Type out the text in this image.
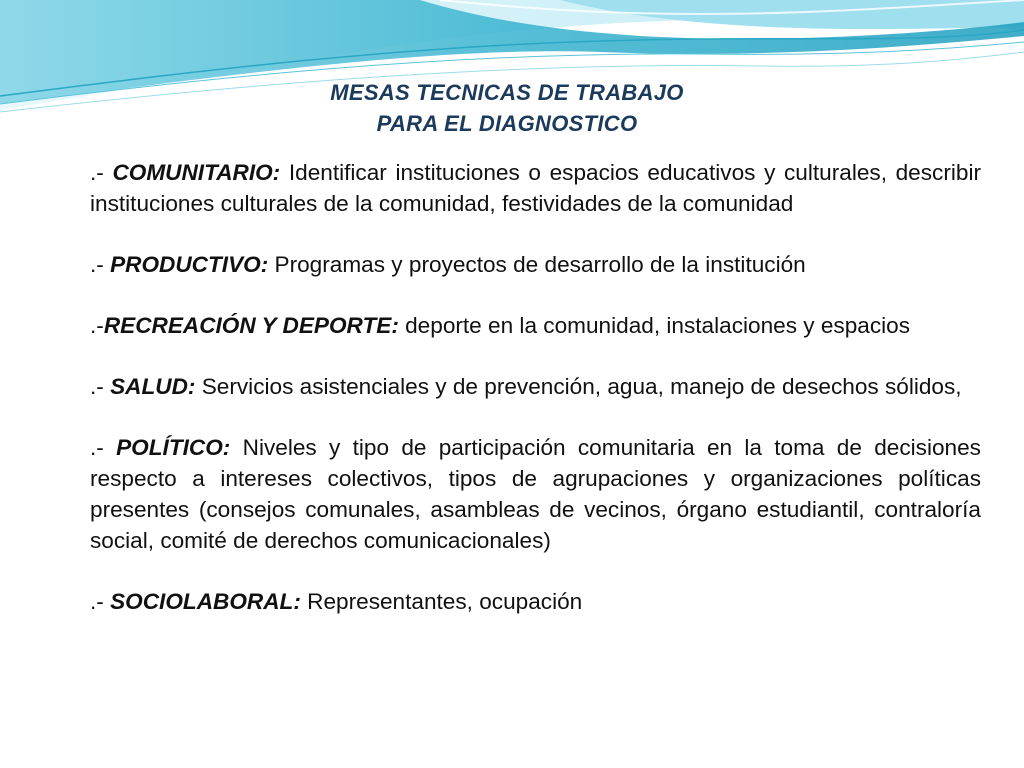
MESAS TECNICAS DE TRABAJO
PARA EL DIAGNOSTICO

.- COMUNITARIO: Identificar instituciones o espacios educativos y culturales, describir instituciones culturales de la comunidad, festividades de la comunidad

.- PRODUCTIVO: Programas y proyectos de desarrollo de la institución

.-RECREACIÓN Y DEPORTE: deporte en la comunidad, instalaciones y espacios

.- SALUD: Servicios asistenciales y de prevención, agua, manejo de desechos sólidos,

.- POLÍTICO: Niveles y tipo de participación comunitaria en la toma de decisiones respecto a intereses colectivos, tipos de agrupaciones y organizaciones políticas presentes (consejos comunales, asambleas de vecinos, órgano estudiantil, contraloría social, comité de derechos comunicacionales)

.- SOCIOLABORAL: Representantes, ocupación
